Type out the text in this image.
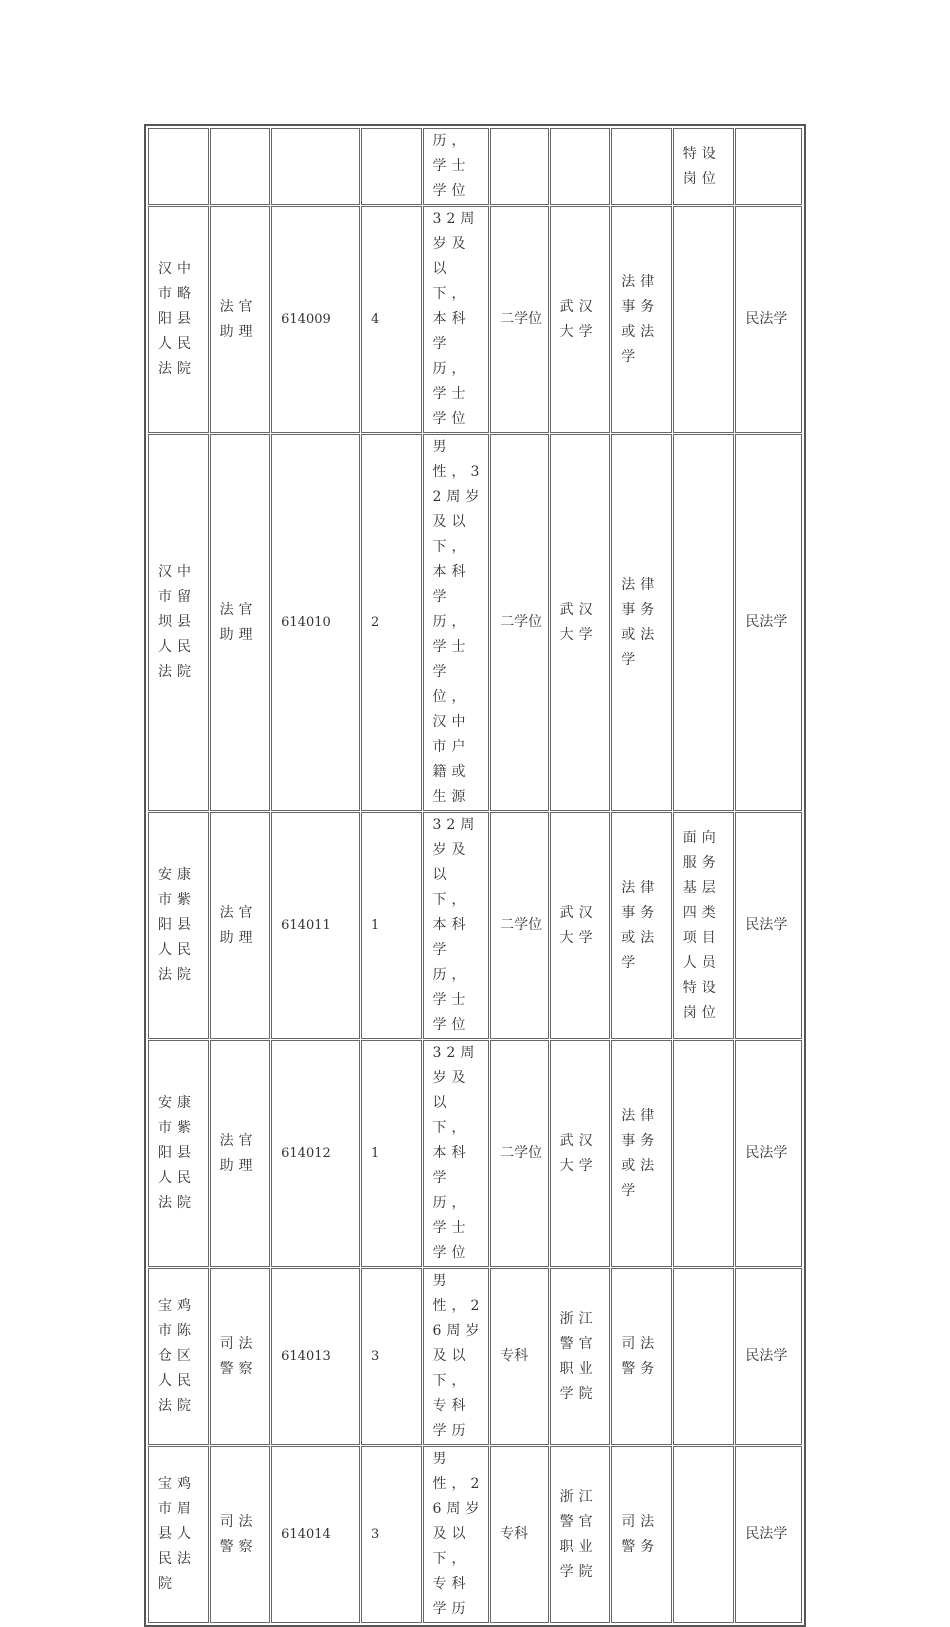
				历，学士学位				特设岗位	
汉中市略阳县人民法院	法官助理	614009	4	32周岁及以下，本科学历，学士学位	二学位	武汉大学	法律事务或法学		民法学
汉中市留坝县人民法院	法官助理	614010	2	男性，32周岁及以下，本科学历，学士学位，汉中市户籍或生源	二学位	武汉大学	法律事务或法学		民法学
安康市紫阳县人民法院	法官助理	614011	1	32周岁及以下，本科学历，学士学位	二学位	武汉大学	法律事务或法学	面向服务基层四类项目人员特设岗位	民法学
安康市紫阳县人民法院	法官助理	614012	1	32周岁及以下，本科学历，学士学位	二学位	武汉大学	法律事务或法学		民法学
宝鸡市陈仓区人民法院	司法警察	614013	3	男性，26周岁及以下，专科学历	专科	浙江警官职业学院	司法警务		民法学
宝鸡市眉县人民法院	司法警察	614014	3	男性，26周岁及以下，专科学历	专科	浙江警官职业学院	司法警务		民法学
